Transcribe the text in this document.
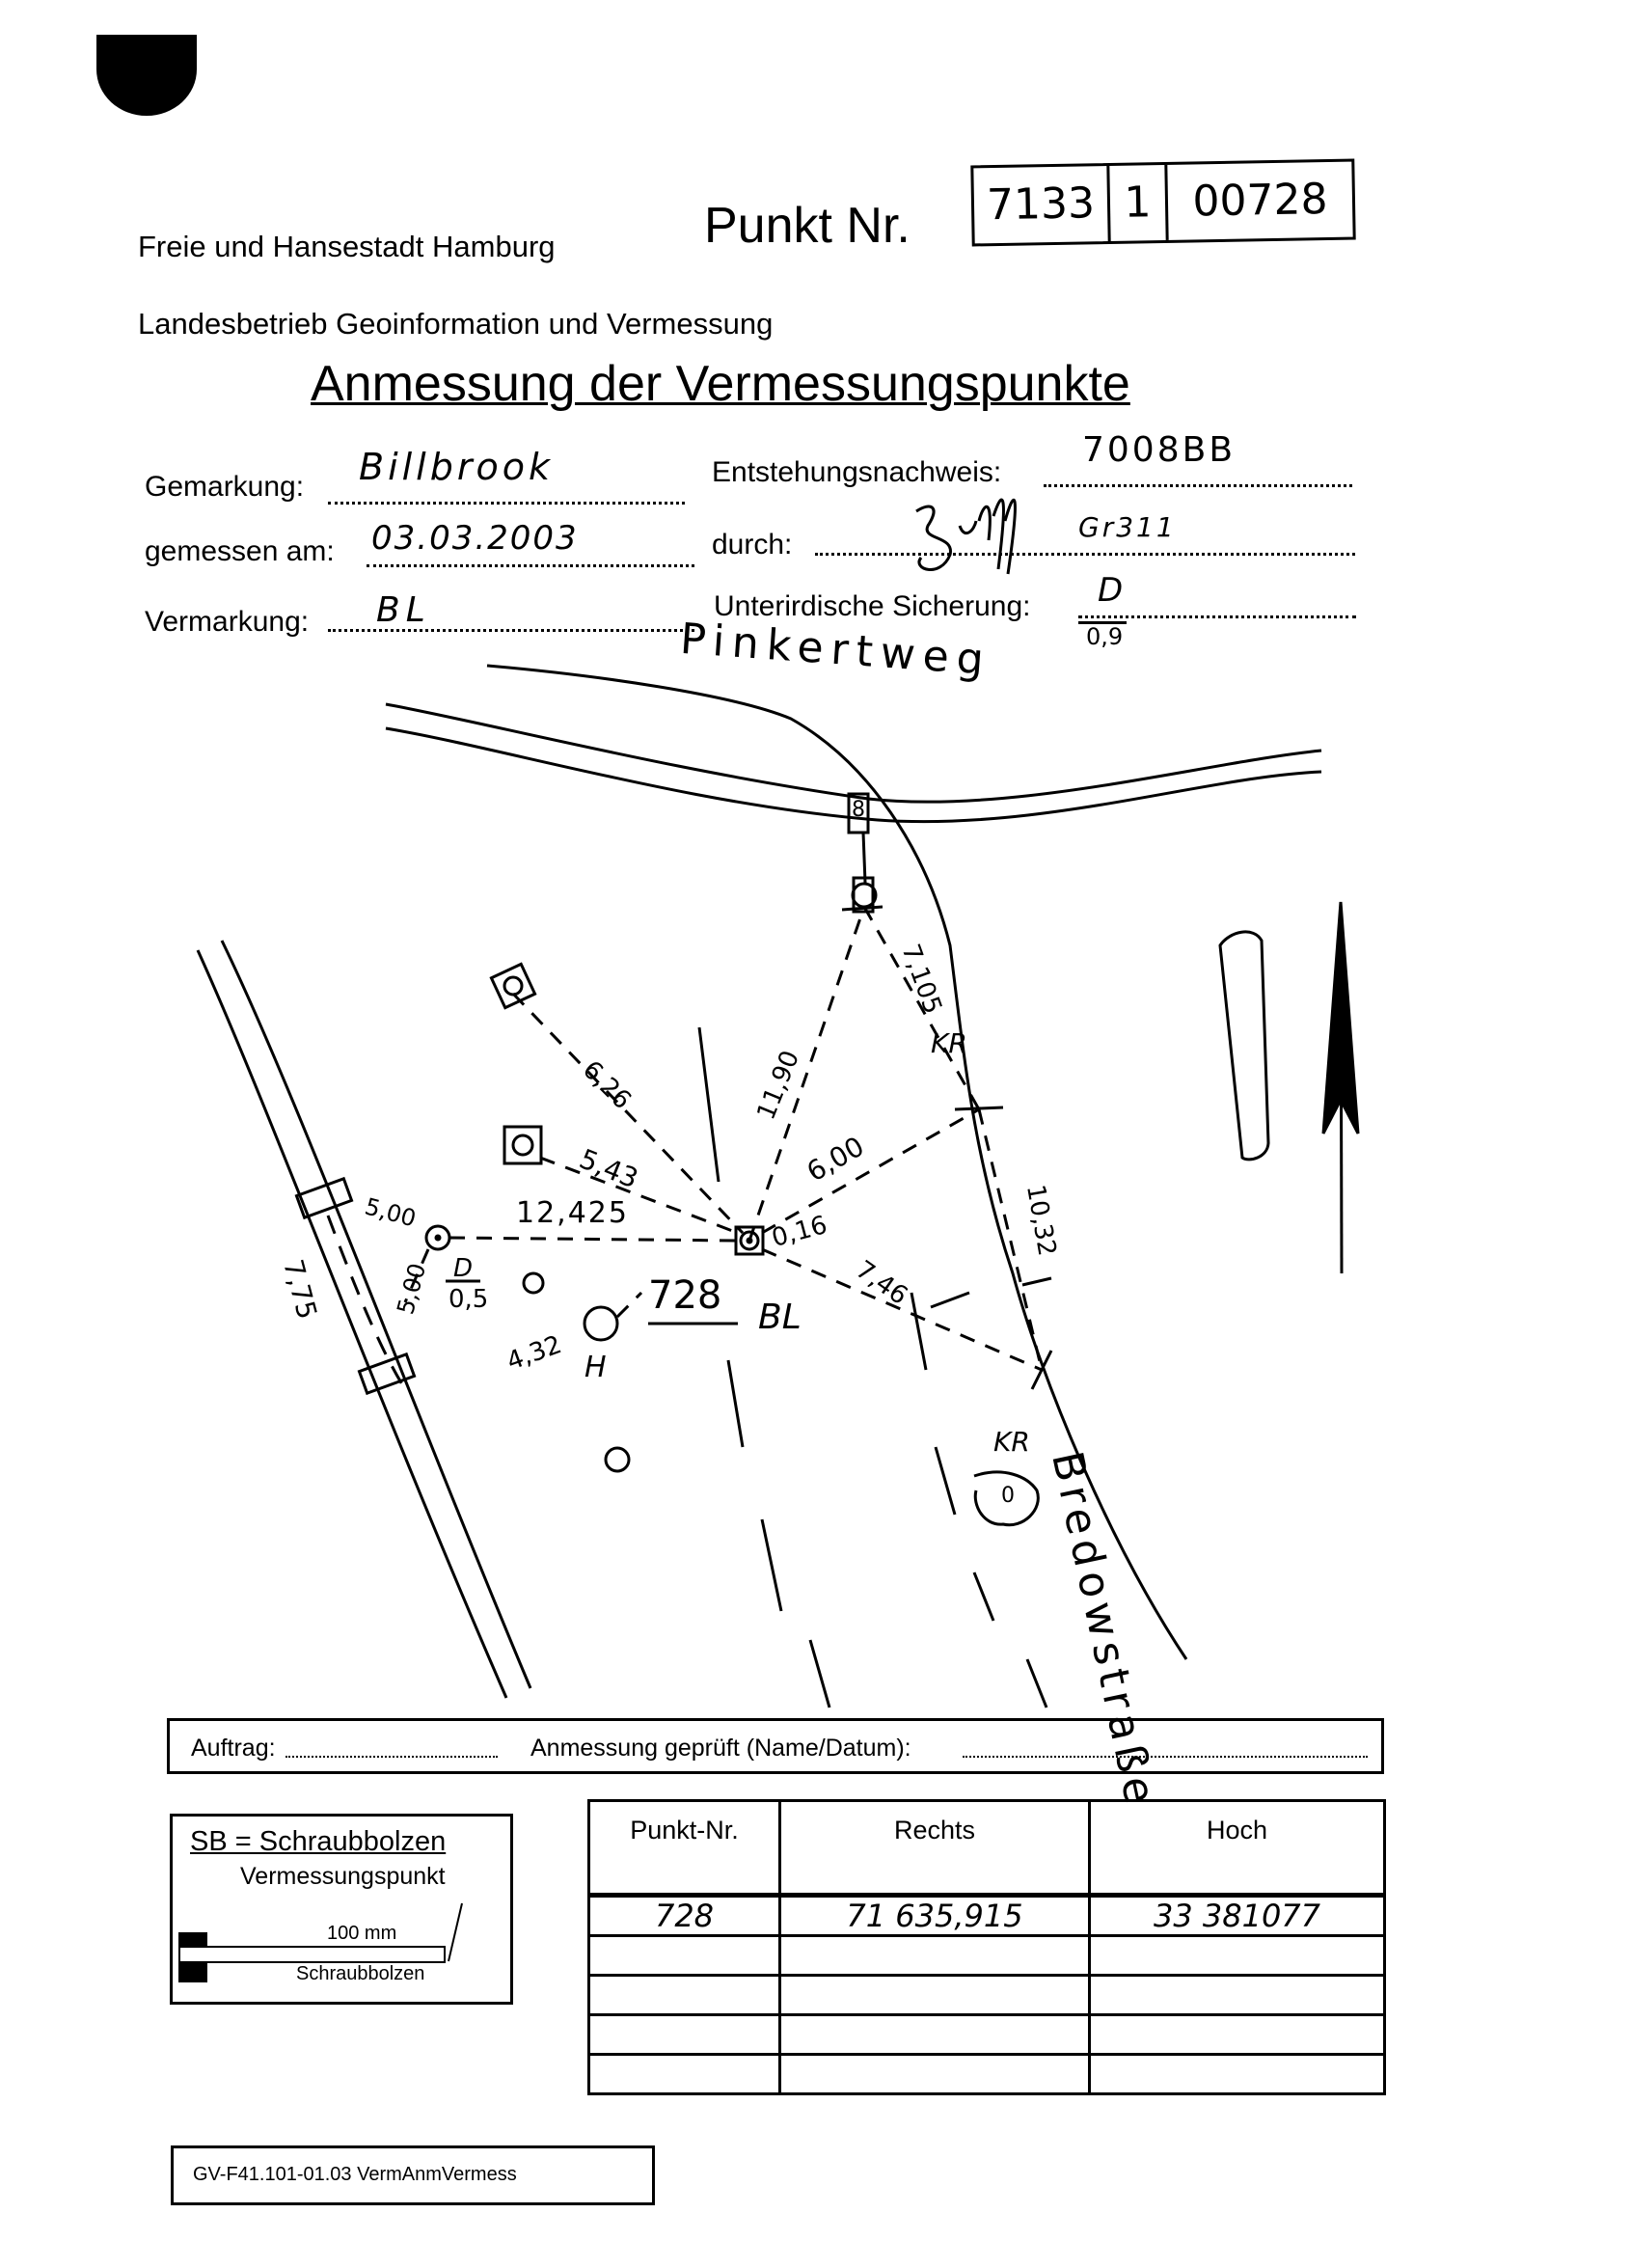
Freie und Hansestadt Hamburg	Punkt Nr.	7133 1 00728
Landesbetrieb Geoinformation und Vermessung
Anmessung der Vermessungspunkte
Gemarkung: Billbrook	Entstehungsnachweis:
7008BB
gemessen am: 03.03.2003	durch:
Gr311
Vermarkung: BL	Unterirdische Sicherung: D
0,9
Pinkertweg
Bredowstraße
8
7,105
KR
11,90
6,26
5,43	6,00
12,425	0,16
7,46
10,32
5,00
5,00
7,75	D
0,5	728 BL
4,32 H
KR
0
Auftrag:	Anmessung geprüft (Name/Datum):
SB = Schraubbolzen
Vermessungspunkt
100 mm
Schraubbolzen
Punkt-Nr.	Rechts	Hoch
728	71 635,915	33 381077

GV-F41.101-01.03 VermAnmVermess
